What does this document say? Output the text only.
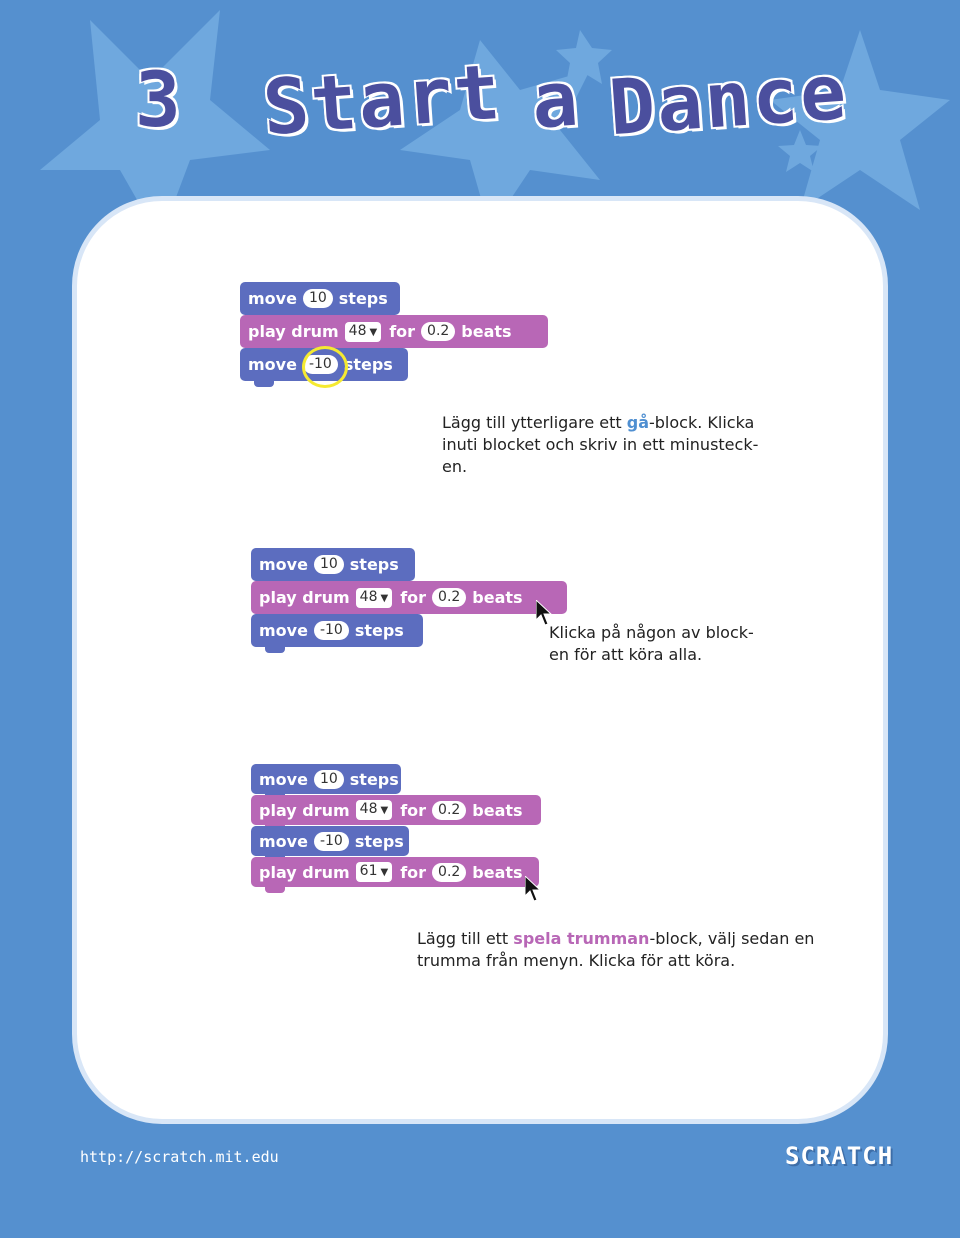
3 Start a Dance
move 10 steps
play drum 48 ▼	for 0.2 beats
move -10 steps
Lägg till ytterligare ett gå-block. Klicka
inuti blocket och skriv in ett minusteck-
en.
move 10 steps
play drum 48 ▼	for 0.2 beats
move -10 steps	Klicka på någon av block-
en för att köra alla.
move 10 steps
play drum 48 ▼	for 0.2 beats
move -10 steps
play drum 61 ▼	for 0.2 beats
Lägg till ett spela trumman-block, välj sedan en
trumma från menyn. Klicka för att köra.
http://scratch.mit.edu	SCRATCH
